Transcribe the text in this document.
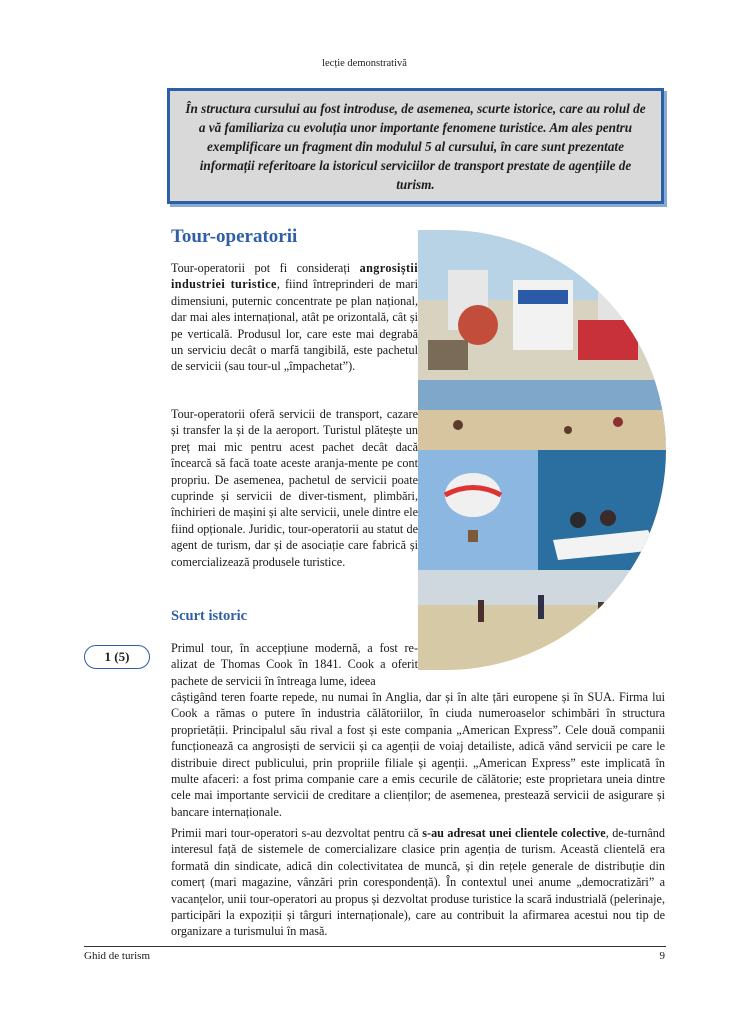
lecție demonstrativă

În structura cursului au fost introduse, de asemenea, scurte istorice, care au rolul de a vă familiariza cu evoluția unor importante fenomene turistice. Am ales pentru exemplificare un fragment din modulul 5 al cursului, în care sunt prezentate informații referitoare la istoricul serviciilor de transport prestate de agențiile de turism.

Tour-operatorii

Tour-operatorii pot fi considerați angrosiștii industriei turistice, fiind întreprinderi de mari dimensiuni, puternic concentrate pe plan național, dar mai ales internațional, atât pe orizontală, cât și pe verticală. Produsul lor, care este mai degrabă un serviciu decât o marfă tangibilă, este pachetul de servicii (sau tour-ul „împachetat”).

Tour-operatorii oferă servicii de transport, cazare și transfer la și de la aeroport. Turistul plătește un preț mai mic pentru acest pachet decât dacă încearcă să facă toate aceste aranja-mente pe cont propriu. De asemenea, pachetul de servicii poate cuprinde și servicii de diver-tisment, plimbări, închirieri de mașini și alte servicii, unele dintre ele fiind opționale. Juridic, tour-operatorii au statut de agent de turism, dar și de asociație care fabrică și comercializează produsele turistice.

Scurt istoric
1 (5)

Primul tour, în accepțiune modernă, a fost re-alizat de Thomas Cook în 1841. Cook a oferit pachete de servicii în întreaga lume, ideea

câștigând teren foarte repede, nu numai în Anglia, dar și în alte țări europene și în SUA. Firma lui Cook a rămas o putere în industria călătoriilor, în ciuda numeroaselor schimbări în structura proprietății. Principalul său rival a fost și este compania „American Express”. Cele două companii funcționează ca angrosiști de servicii și ca agenții de voiaj detailiste, adică vând servicii pe care le distribuie direct publicului, prin propriile filiale și agenții. „American Express” este implicată în multe afaceri: a fost prima companie care a emis cecurile de călătorie; este proprietara uneia dintre cele mai importante servicii de creditare a clienților; de asemenea, prestează servicii de asigurare și bancare internaționale.

Primii mari tour-operatori s-au dezvoltat pentru că s-au adresat unei clientele colective, de-turnând interesul față de sistemele de comercializare clasice prin agenția de turism. Această clientelă era formată din sindicate, adică din colectivitatea de muncă, și din rețele generale de distribuție din comerț (mari magazine, vânzări prin corespondență). În contextul unei anume „democratizări” a vacanțelor, unii tour-operatori au propus și dezvoltat produse turistice la scară industrială (pelerinaje, participări la expoziții și târguri internaționale), care au contribuit la afirmarea acestui nou tip de organizare a turismului în masă.

Ghid de turism	9
